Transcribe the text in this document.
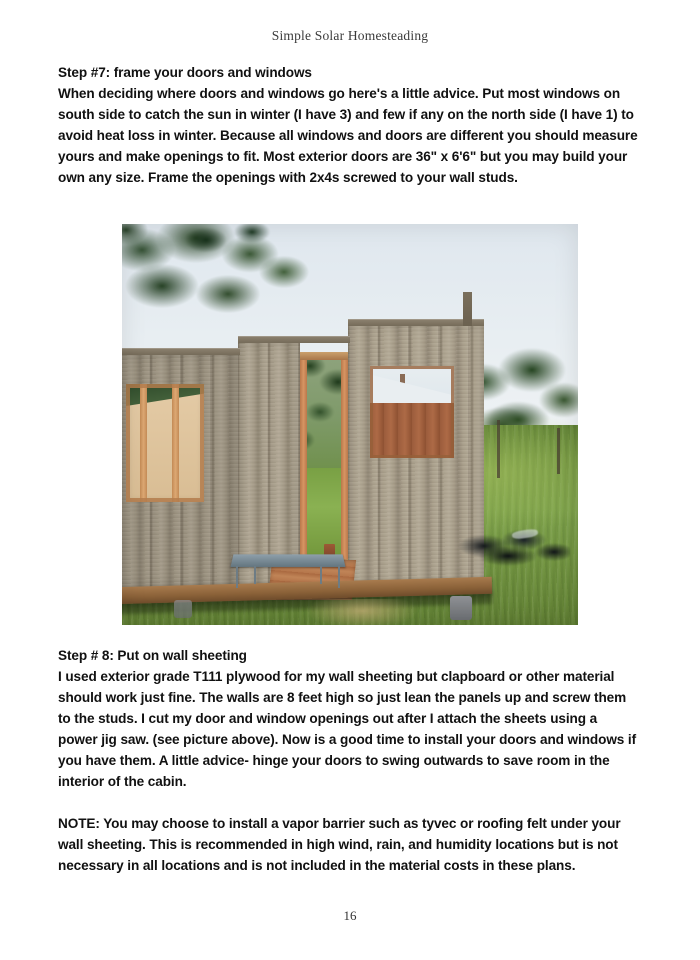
Simple Solar Homesteading

Step #7: frame your doors and windows

When deciding where doors and windows go here's a little advice. Put most windows on south side to catch the sun in winter (I have 3) and few if any on the north side (I have 1) to avoid heat loss in winter. Because all windows and doors are different you should measure yours and make openings to fit. Most exterior doors are 36" x 6'6" but you may build your own any size. Frame the openings with 2x4s screwed to your wall studs.

Step # 8: Put on wall sheeting

I used exterior grade T111 plywood for my wall sheeting but clapboard or other material should work just fine. The walls are 8 feet high so just lean the panels up and screw them to the studs. I cut my door and window openings out after I attach the sheets using a power jig saw. (see picture above). Now is a good time to install your doors and windows if you have them. A little advice- hinge your doors to swing outwards to save room in the interior of the cabin.

NOTE: You may choose to install a vapor barrier such as tyvec or roofing felt under your wall sheeting. This is recommended in high wind, rain, and humidity locations but is not necessary in all locations and is not included in the material costs in these plans.

16
